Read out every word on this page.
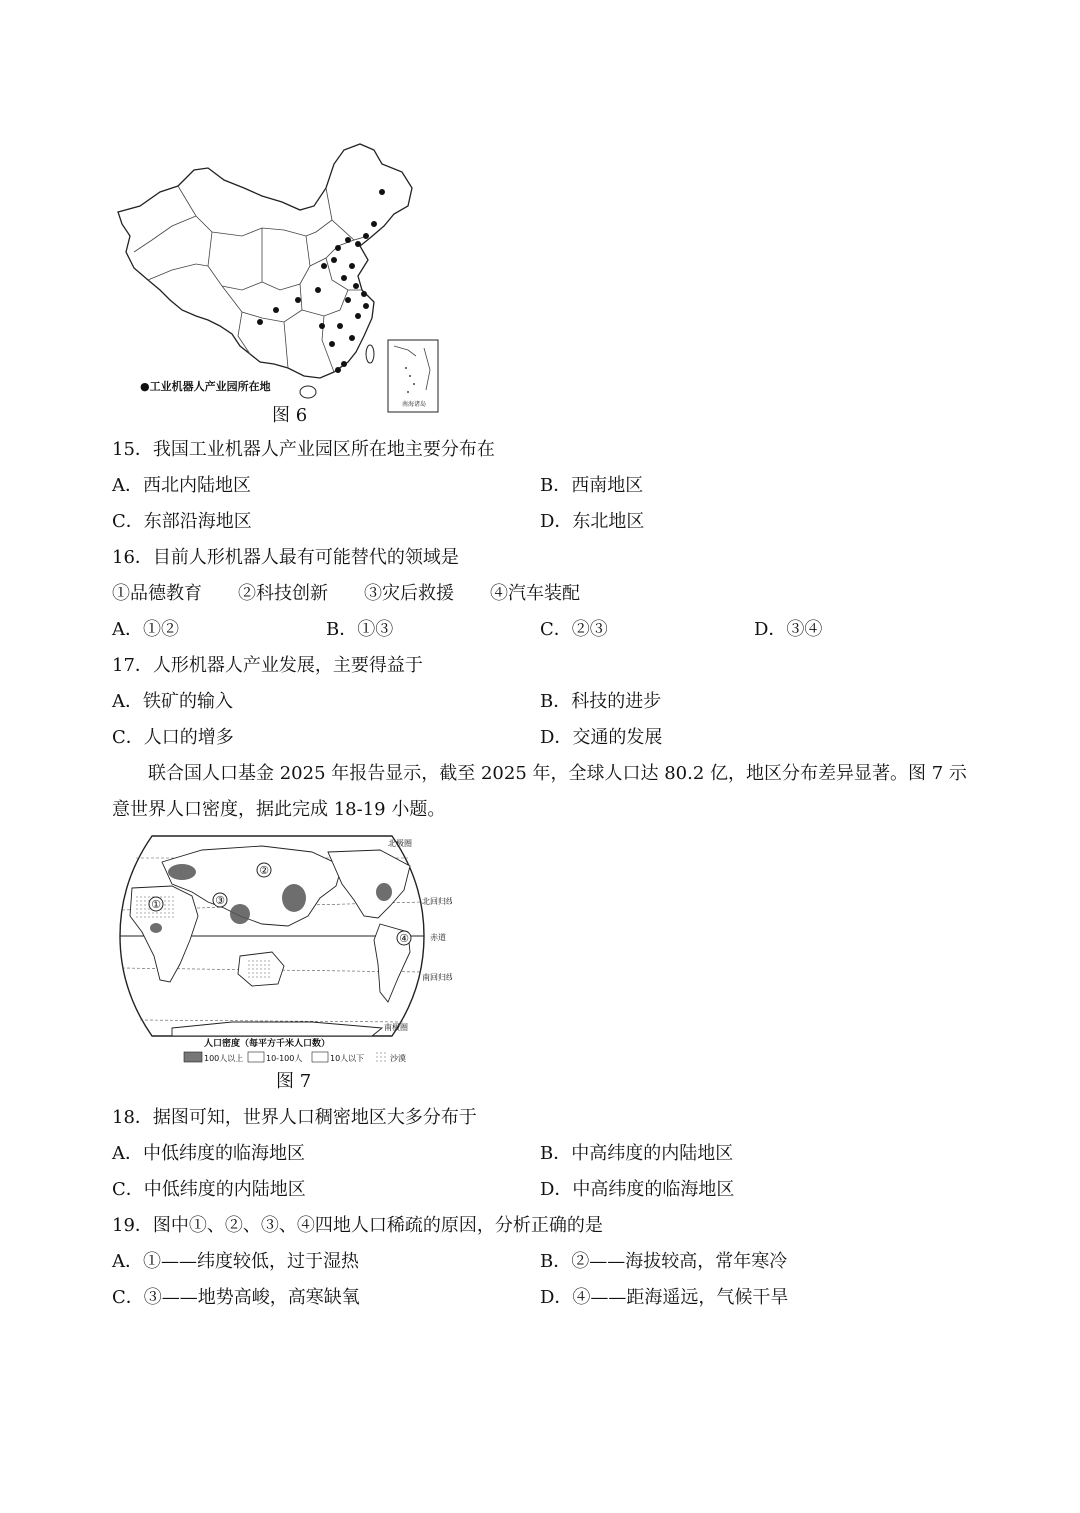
南海诸岛
●工业机器人产业园所在地
图 6
15．我国工业机器人产业园区所在地主要分布在
A．西北内陆地区	B．西南地区
C．东部沿海地区	D．东北地区
16．目前人形机器人最有可能替代的领域是
①品德教育 ②科技创新 ③灾后救援 ④汽车装配
A．①②	B．①③	C．②③	D．③④
17．人形机器人产业发展，主要得益于
A．铁矿的输入	B．科技的进步
C．人口的增多	D．交通的发展
联合国人口基金 2025 年报告显示，截至 2025 年，全球人口达 80.2 亿，地区分布差异显著。图 7 示意世界人口密度，据此完成 18-19 小题。
①
②
③
④
北极圈
北回归线
赤道
南回归线
南极圈
人口密度（每平方千米人口数）
100人以上	10-100人	10人以下	沙漠
图 7
18．据图可知，世界人口稠密地区大多分布于
A．中低纬度的临海地区	B．中高纬度的内陆地区
C．中低纬度的内陆地区	D．中高纬度的临海地区
19．图中①、②、③、④四地人口稀疏的原因，分析正确的是
A．①——纬度较低，过于湿热	B．②——海拔较高，常年寒冷
C．③——地势高峻，高寒缺氧	D．④——距海遥远，气候干旱
